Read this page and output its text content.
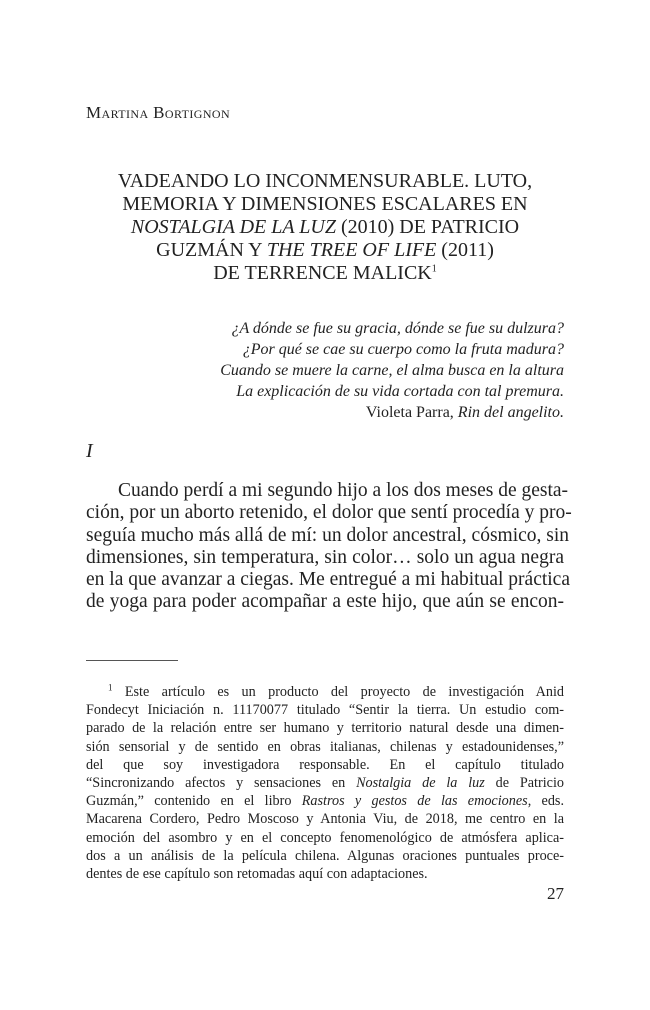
Martina Bortignon
VADEANDO LO INCONMENSURABLE. LUTO,
MEMORIA Y DIMENSIONES ESCALARES EN
NOSTALGIA DE LA LUZ (2010) DE PATRICIO
GUZMÁN Y THE TREE OF LIFE (2011)
DE TERRENCE MALICK$^1$
¿A dónde se fue su gracia, dónde se fue su dulzura?
¿Por qué se cae su cuerpo como la fruta madura?
Cuando se muere la carne, el alma busca en la altura
La explicación de su vida cortada con tal premura.
Violeta Parra, Rin del angelito.
I
Cuando perdí a mi segundo hijo a los dos meses de gesta-
ción, por un aborto retenido, el dolor que sentí procedía y pro-
seguía mucho más allá de mí: un dolor ancestral, cósmico, sin
dimensiones, sin temperatura, sin color… solo un agua negra
en la que avanzar a ciegas. Me entregué a mi habitual práctica
de yoga para poder acompañar a este hijo, que aún se encon-
$^1$ Este artículo es un producto del proyecto de investigación Anid
Fondecyt Iniciación n. 11170077 titulado “Sentir la tierra. Un estudio com-
parado de la relación entre ser humano y territorio natural desde una dimen-
sión sensorial y de sentido en obras italianas, chilenas y estadounidenses,”
del que soy investigadora responsable. En el capítulo titulado
“Sincronizando afectos y sensaciones en Nostalgia de la luz de Patricio
Guzmán,” contenido en el libro Rastros y gestos de las emociones, eds.
Macarena Cordero, Pedro Moscoso y Antonia Viu, de 2018, me centro en la
emoción del asombro y en el concepto fenomenológico de atmósfera aplica-
dos a un análisis de la película chilena. Algunas oraciones puntuales proce-
dentes de ese capítulo son retomadas aquí con adaptaciones.
27
